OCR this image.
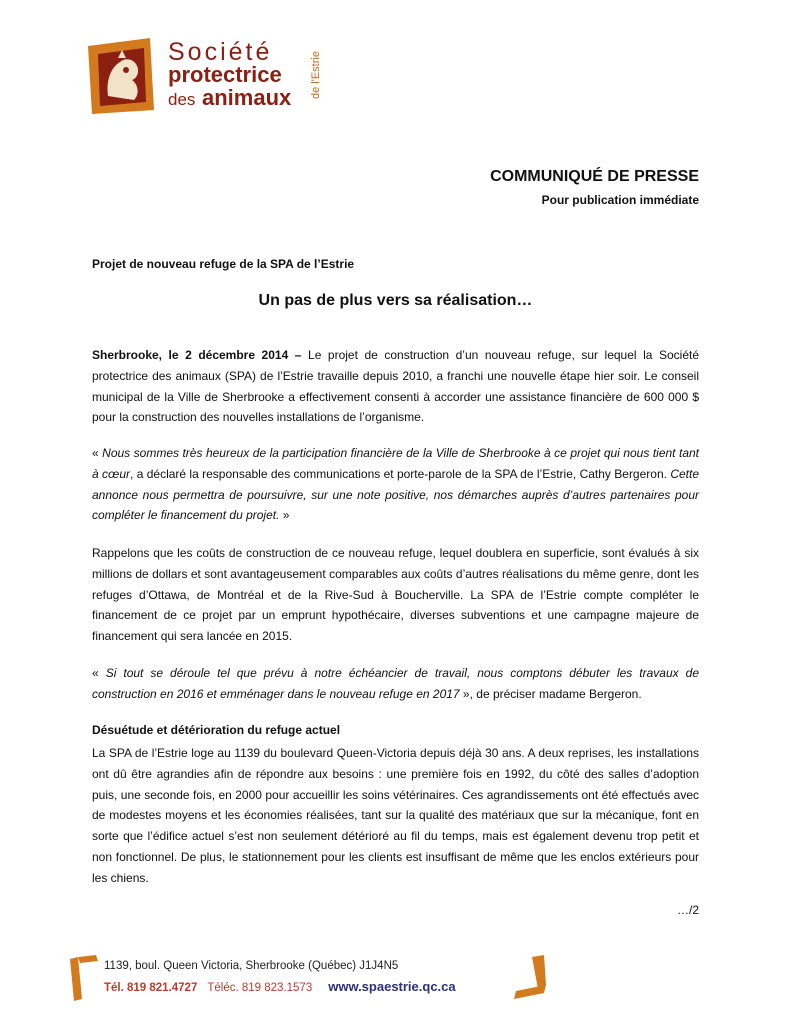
Société
protectrice
des animaux de l'Estrie
COMMUNIQUÉ DE PRESSE
Pour publication immédiate
Projet de nouveau refuge de la SPA de l’Estrie
Un pas de plus vers sa réalisation…
Sherbrooke, le 2 décembre 2014 – Le projet de construction d’un nouveau refuge, sur lequel la Société protectrice des animaux (SPA) de l’Estrie travaille depuis 2010, a franchi une nouvelle étape hier soir. Le conseil municipal de la Ville de Sherbrooke a effectivement consenti à accorder une assistance financière de 600 000 $ pour la construction des nouvelles installations de l’organisme.
« Nous sommes très heureux de la participation financière de la Ville de Sherbrooke à ce projet qui nous tient tant à cœur, a déclaré la responsable des communications et porte-parole de la SPA de l’Estrie, Cathy Bergeron. Cette annonce nous permettra de poursuivre, sur une note positive, nos démarches auprès d’autres partenaires pour compléter le financement du projet. »
Rappelons que les coûts de construction de ce nouveau refuge, lequel doublera en superficie, sont évalués à six millions de dollars et sont avantageusement comparables aux coûts d’autres réalisations du même genre, dont les refuges d’Ottawa, de Montréal et de la Rive-Sud à Boucherville. La SPA de l’Estrie compte compléter le financement de ce projet par un emprunt hypothécaire, diverses subventions et une campagne majeure de financement qui sera lancée en 2015.
« Si tout se déroule tel que prévu à notre échéancier de travail, nous comptons débuter les travaux de construction en 2016 et emménager dans le nouveau refuge en 2017 », de préciser madame Bergeron.
Désuétude et détérioration du refuge actuel
La SPA de l’Estrie loge au 1139 du boulevard Queen-Victoria depuis déjà 30 ans. A deux reprises, les installations ont dû être agrandies afin de répondre aux besoins : une première fois en 1992, du côté des salles d’adoption puis, une seconde fois, en 2000 pour accueillir les soins vétérinaires. Ces agrandissements ont été effectués avec de modestes moyens et les économies réalisées, tant sur la qualité des matériaux que sur la mécanique, font en sorte que l’édifice actuel s’est non seulement détérioré au fil du temps, mais est également devenu trop petit et non fonctionnel. De plus, le stationnement pour les clients est insuffisant de même que les enclos extérieurs pour les chiens.
…/2
1139, boul. Queen Victoria, Sherbrooke (Québec) J1J4N5
Tél. 819 821.4727 Téléc. 819 823.1573 www.spaestrie.qc.ca
